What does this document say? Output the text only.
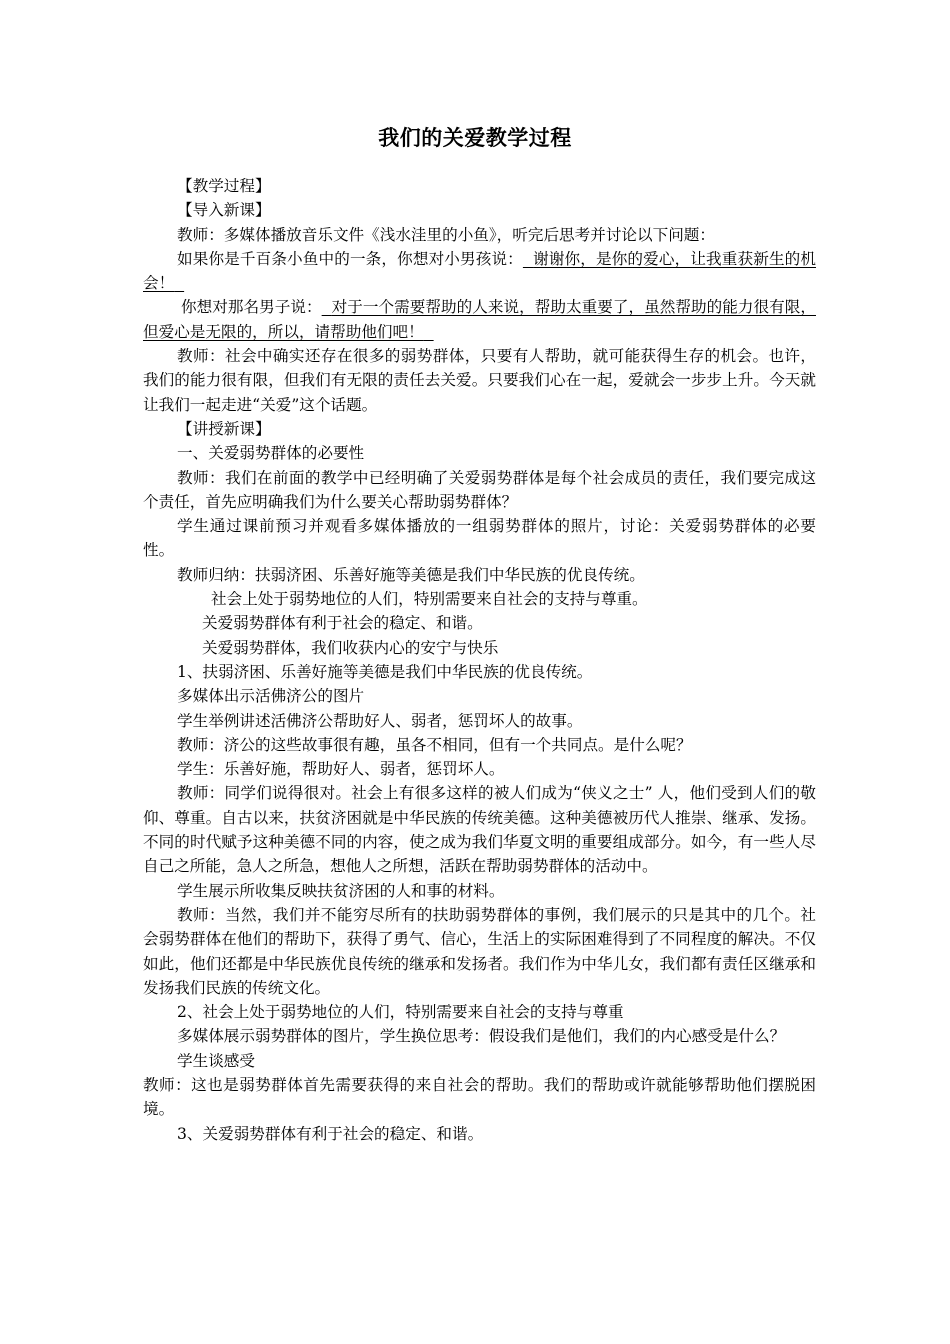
我们的关爱教学过程

【教学过程】

【导入新课】

教师：多媒体播放音乐文件《浅水洼里的小鱼》，听完后思考并讨论以下问题：

如果你是千百条小鱼中的一条，你想对小男孩说： 谢谢你，是你的爱心，让我重获新生的机会！

你想对那名男子说： 对于一个需要帮助的人来说，帮助太重要了，虽然帮助的能力很有限，但爱心是无限的，所以，请帮助他们吧！

教师：社会中确实还存在很多的弱势群体，只要有人帮助，就可能获得生存的机会。也许，我们的能力很有限，但我们有无限的责任去关爱。只要我们心在一起，爱就会一步步上升。今天就让我们一起走进“关爱”这个话题。

【讲授新课】

一、关爱弱势群体的必要性

教师：我们在前面的教学中已经明确了关爱弱势群体是每个社会成员的责任，我们要完成这个责任，首先应明确我们为什么要关心帮助弱势群体？

学生通过课前预习并观看多媒体播放的一组弱势群体的照片，讨论：关爱弱势群体的必要性。

教师归纳：扶弱济困、乐善好施等美德是我们中华民族的优良传统。

社会上处于弱势地位的人们，特别需要来自社会的支持与尊重。

关爱弱势群体有利于社会的稳定、和谐。

关爱弱势群体，我们收获内心的安宁与快乐

1、扶弱济困、乐善好施等美德是我们中华民族的优良传统。

多媒体出示活佛济公的图片

学生举例讲述活佛济公帮助好人、弱者，惩罚坏人的故事。

教师：济公的这些故事很有趣，虽各不相同，但有一个共同点。是什么呢？

学生：乐善好施，帮助好人、弱者，惩罚坏人。

教师：同学们说得很对。社会上有很多这样的被人们成为“侠义之士” 人，他们受到人们的敬仰、尊重。自古以来，扶贫济困就是中华民族的传统美德。这种美德被历代人推崇、继承、发扬。不同的时代赋予这种美德不同的内容，使之成为我们华夏文明的重要组成部分。如今，有一些人尽自己之所能，急人之所急，想他人之所想，活跃在帮助弱势群体的活动中。

学生展示所收集反映扶贫济困的人和事的材料。

教师：当然，我们并不能穷尽所有的扶助弱势群体的事例，我们展示的只是其中的几个。社会弱势群体在他们的帮助下，获得了勇气、信心，生活上的实际困难得到了不同程度的解决。不仅如此，他们还都是中华民族优良传统的继承和发扬者。我们作为中华儿女，我们都有责任区继承和发扬我们民族的传统文化。

2、社会上处于弱势地位的人们，特别需要来自社会的支持与尊重

多媒体展示弱势群体的图片，学生换位思考：假设我们是他们，我们的内心感受是什么？

学生谈感受

教师：这也是弱势群体首先需要获得的来自社会的帮助。我们的帮助或许就能够帮助他们摆脱困境。

3、关爱弱势群体有利于社会的稳定、和谐。
